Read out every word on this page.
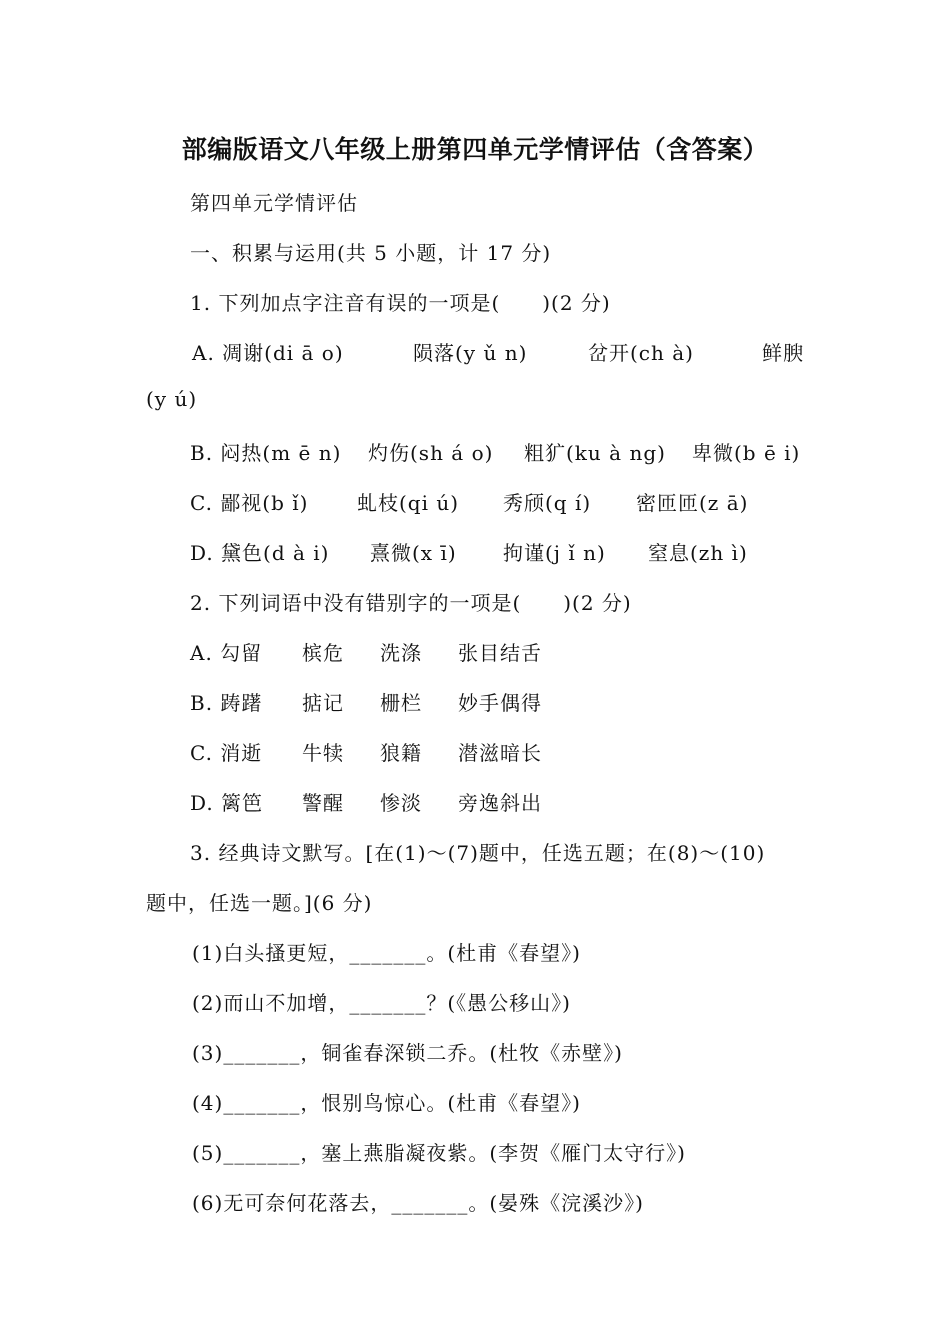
部编版语文八年级上册第四单元学情评估（含答案）

第四单元学情评估

一、积累与运用(共 5 小题，计 17 分)

1. 下列加点字注音有误的一项是(　　)(2 分)

A. 凋谢(di ā o)	陨落(y ǔ n)	岔开(ch à)	鲜腴

(y ú)

B. 闷热(m ē n) 灼伤(sh á o) 粗犷(ku à ng) 卑微(b ē i)
C. 鄙视(b ǐ) 虬枝(qi ú) 秀颀(q í) 密匝匝(z ā)
D. 黛色(d à i) 熹微(x ī) 拘谨(j ǐ n) 窒息(zh ì)

2. 下列词语中没有错别字的一项是(　　)(2 分)

A. 勾留 槟危 洗涤 张目结舌
B. 踌躇 掂记 栅栏 妙手偶得
C. 消逝 牛犊 狼籍 潜滋暗长
D. 篱笆 警醒 惨淡 旁逸斜出

3. 经典诗文默写。[在(1)～(7)题中，任选五题；在(8)～(10)

题中，任选一题。](6 分)

(1)白头搔更短，_______。(杜甫《春望》)

(2)而山不加增，_______？(《愚公移山》)

(3)_______，铜雀春深锁二乔。(杜牧《赤壁》)

(4)_______，恨别鸟惊心。(杜甫《春望》)

(5)_______，塞上燕脂凝夜紫。(李贺《雁门太守行》)

(6)无可奈何花落去，_______。(晏殊《浣溪沙》)
